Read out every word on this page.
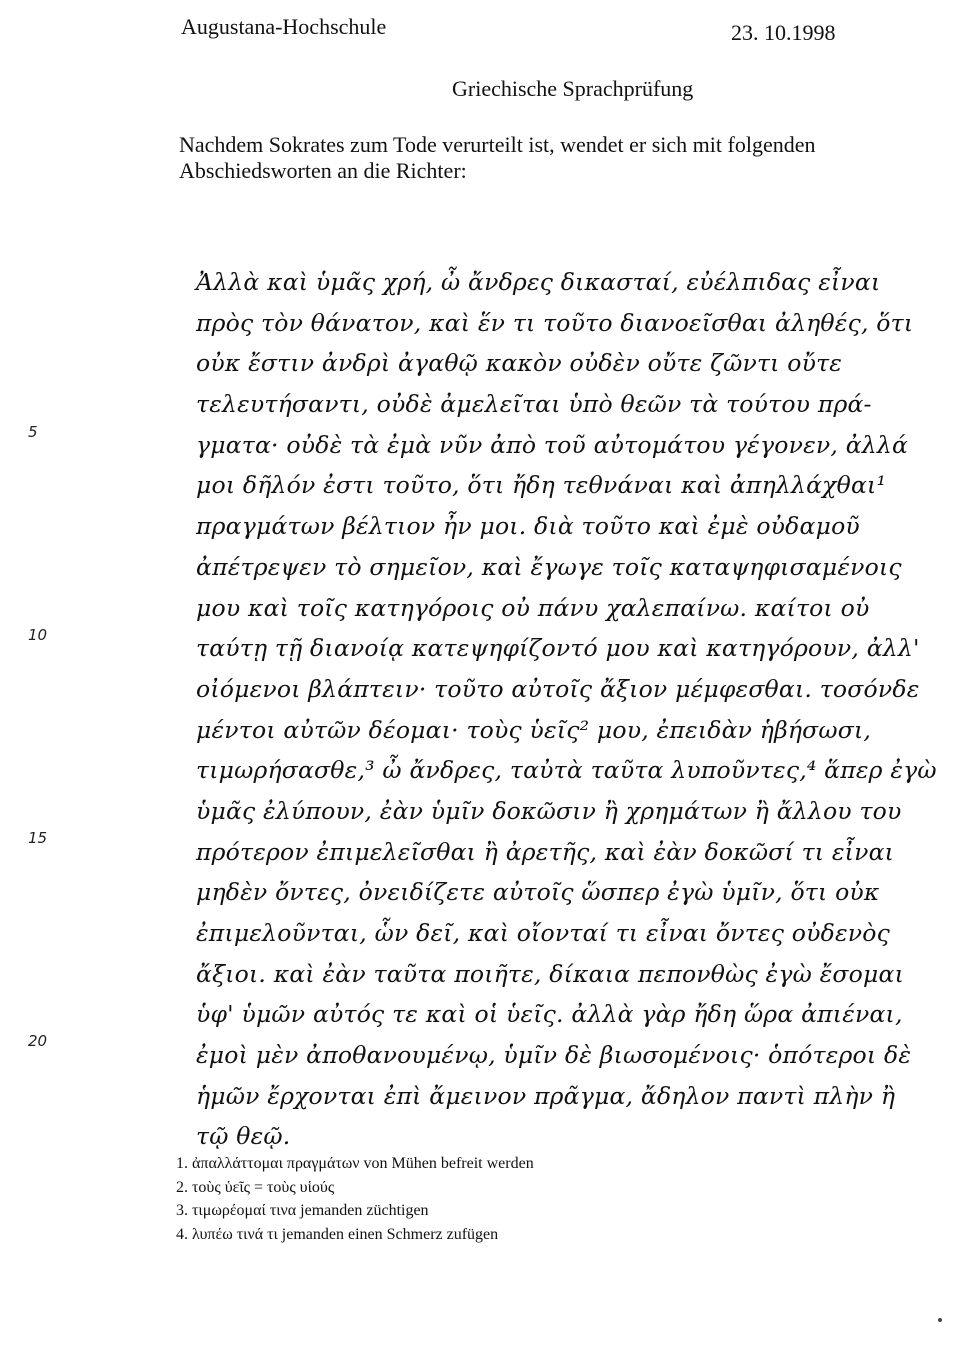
Augustana-Hochschule	23. 10.1998
Griechische Sprachprüfung
Nachdem Sokrates zum Tode verurteilt ist, wendet er sich mit folgenden Abschiedsworten an die Richter:
Ἀλλὰ καὶ ὑμᾶς χρή, ὦ ἄνδρες δικασταί, εὐέλπιδας εἶναι
πρὸς τὸν θάνατον, καὶ ἕν τι τοῦτο διανοεῖσθαι ἀληθές, ὅτι
οὐκ ἔστιν ἀνδρὶ ἀγαθῷ κακὸν οὐδὲν οὔτε ζῶντι οὔτε
τελευτήσαντι, οὐδὲ ἀμελεῖται ὑπὸ θεῶν τὰ τούτου πρά-
γματα· οὐδὲ τὰ ἐμὰ νῦν ἀπὸ τοῦ αὐτομάτου γέγονεν, ἀλλά
μοι δῆλόν ἐστι τοῦτο, ὅτι ἤδη τεθνάναι καὶ ἀπηλλάχθαι¹
πραγμάτων βέλτιον ἦν μοι. διὰ τοῦτο καὶ ἐμὲ οὐδαμοῦ
ἀπέτρεψεν τὸ σημεῖον, καὶ ἔγωγε τοῖς καταψηφισαμένοις
μου καὶ τοῖς κατηγόροις οὐ πάνυ χαλεπαίνω. καίτοι οὐ
ταύτῃ τῇ διανοίᾳ κατεψηφίζοντό μου καὶ κατηγόρουν, ἀλλ'
οἰόμενοι βλάπτειν· τοῦτο αὐτοῖς ἄξιον μέμφεσθαι. τοσόνδε
μέντοι αὐτῶν δέομαι· τοὺς ὑεῖς² μου, ἐπειδὰν ἡβήσωσι,
τιμωρήσασθε,³ ὦ ἄνδρες, ταὐτὰ ταῦτα λυποῦντες,⁴ ἅπερ ἐγὼ
ὑμᾶς ἐλύπουν, ἐὰν ὑμῖν δοκῶσιν ἢ χρημάτων ἢ ἄλλου του
πρότερον ἐπιμελεῖσθαι ἢ ἀρετῆς, καὶ ἐὰν δοκῶσί τι εἶναι
μηδὲν ὄντες, ὀνειδίζετε αὐτοῖς ὥσπερ ἐγὼ ὑμῖν, ὅτι οὐκ
ἐπιμελοῦνται, ὧν δεῖ, καὶ οἴονταί τι εἶναι ὄντες οὐδενὸς
ἄξιοι. καὶ ἐὰν ταῦτα ποιῆτε, δίκαια πεπονθὼς ἐγὼ ἔσομαι
ὑφ' ὑμῶν αὐτός τε καὶ οἱ ὑεῖς. ἀλλὰ γὰρ ἤδη ὥρα ἀπιέναι,
ἐμοὶ μὲν ἀποθανουμένῳ, ὑμῖν δὲ βιωσομένοις· ὁπότεροι δὲ
ἡμῶν ἔρχονται ἐπὶ ἄμεινον πρᾶγμα, ἄδηλον παντὶ πλὴν ἢ
τῷ θεῷ.
5
10
15
20
1. ἀπαλλάττομαι πραγμάτων von Mühen befreit werden
2. τοὺς ὑεῖς = τοὺς υἱούς
3. τιμωρέομαί τινα jemanden züchtigen
4. λυπέω τινά τι jemanden einen Schmerz zufügen
